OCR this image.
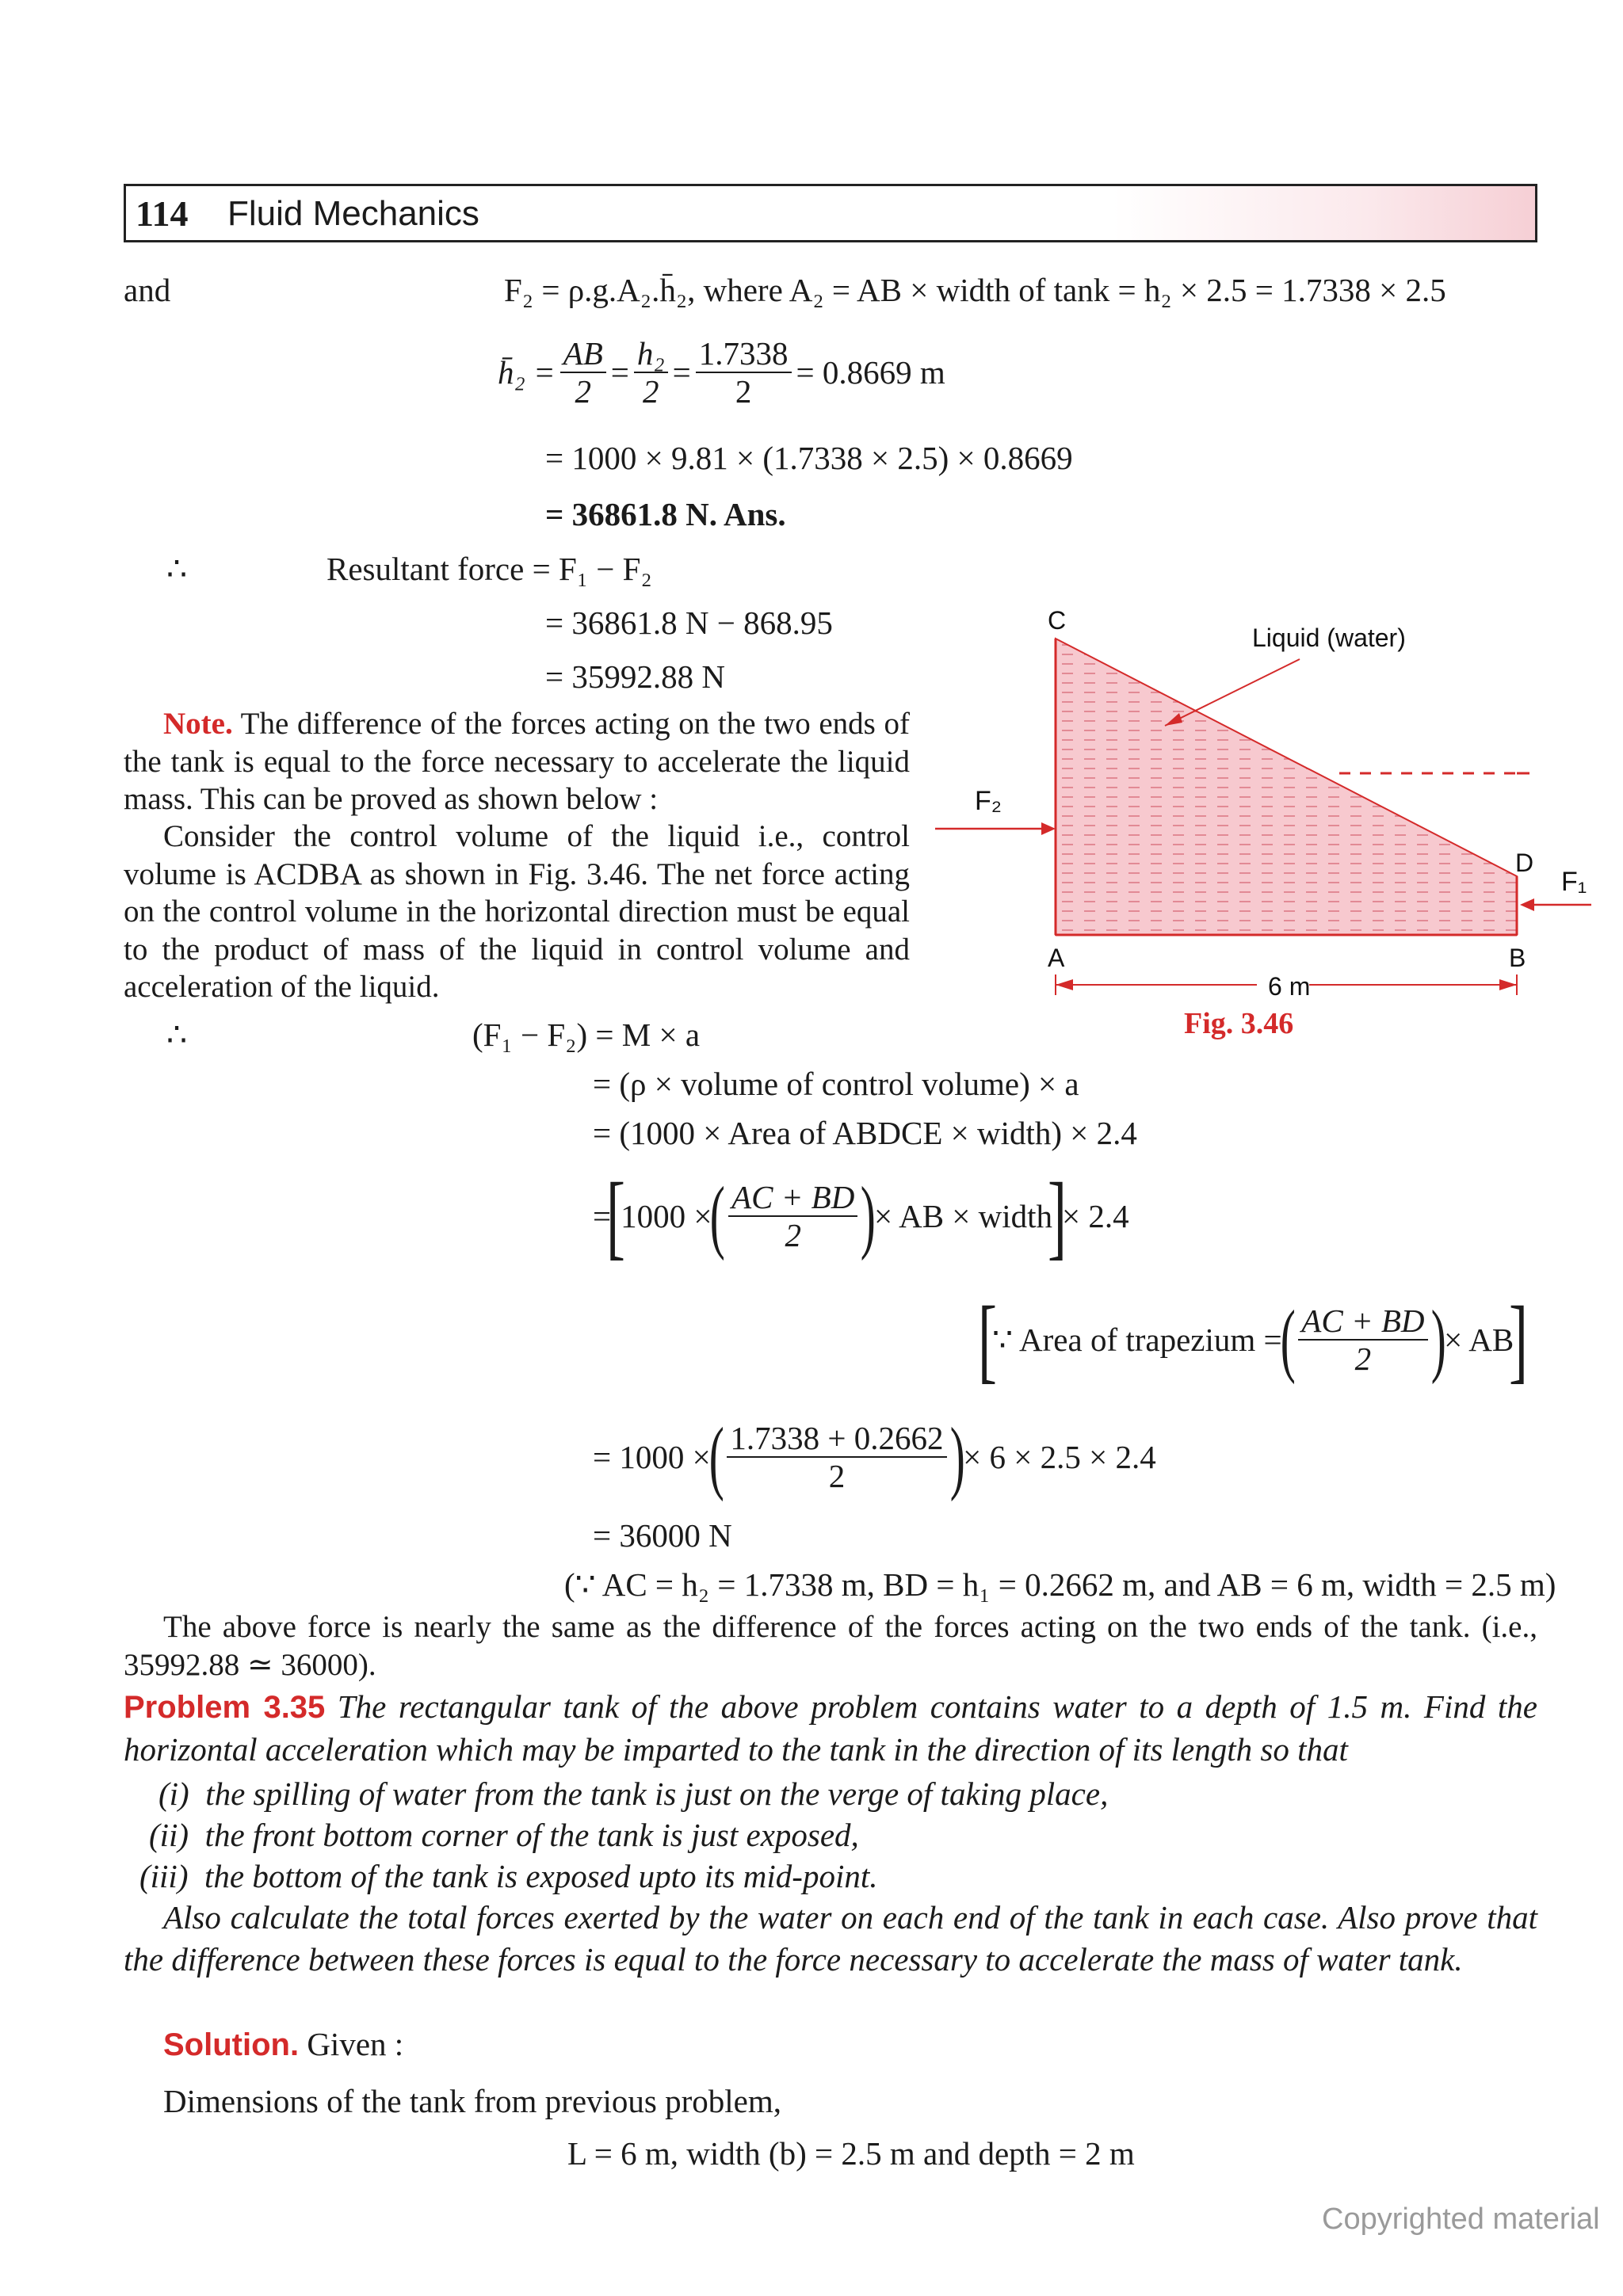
114 Fluid Mechanics
and	F₂ = ρ.g.A₂.h̄₂, where A₂ = AB × width of tank = h₂ × 2.5 = 1.7338 × 2.5
h̄₂ = $\frac{AB}{2} = \frac{\text{h₂}}{2} = \frac{1.7338}{2} = 0.8669$ m
= 1000 × 9.81 × (1.7338 × 2.5) × 0.8669
= 36861.8 N. Ans.
∴	Resultant force = F₁ − F₂
= 36861.8 N − 868.95
= 35992.88 N
Note. The difference of the forces acting on the two ends of the tank is equal to the force necessary to accelerate the liquid mass. This can be proved as shown below :
Consider the control volume of the liquid i.e., control volume is ACDBA as shown in Fig. 3.46. The net force acting on the control volume in the horizontal direction must be equal to the product of mass of the liquid in control volume and acceleration of the liquid.	6 m
C
A	B
D
F₁
F₂
Liquid (water)
Fig. 3.46
∴	(F₁ − F₂) = M × a
= (ρ × volume of control volume) × a
= (1000 × Area of ABDCE × width) × 2.4
=
[
1000 ×
( $\frac{AC + BD}{2}$ )
× AB × width
]
× 2.4
[
∵ Area of trapezium =
( $\frac{AC + BD}{2}$ )
× AB
]
= 1000 ×
( $\frac{1.7338 + 0.2662}{2}$ )
× 6 × 2.5 × 2.4
= 36000 N
(∵ AC = h₂ = 1.7338 m, BD = h₁ = 0.2662 m, and AB = 6 m, width = 2.5 m)
The above force is nearly the same as the difference of the forces acting on the two ends of the tank. (i.e., 35992.88 ≃ 36000).
Problem 3.35 The rectangular tank of the above problem contains water to a depth of 1.5 m. Find the horizontal acceleration which may be imparted to the tank in the direction of its length so that
(i) the spilling of water from the tank is just on the verge of taking place,
(ii) the front bottom corner of the tank is just exposed,
(iii) the bottom of the tank is exposed upto its mid-point.
Also calculate the total forces exerted by the water on each end of the tank in each case. Also prove that the difference between these forces is equal to the force necessary to accelerate the mass of water tank.
Solution. Given :
Dimensions of the tank from previous problem,
L = 6 m, width (b) = 2.5 m and depth = 2 m
Copyrighted material
